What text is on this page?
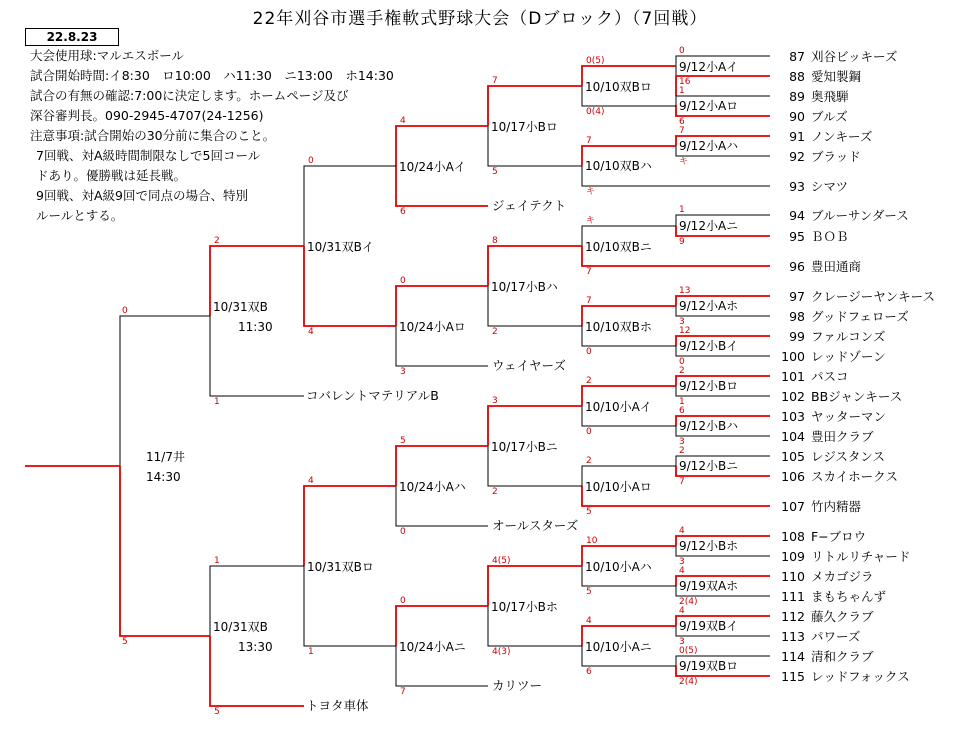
22年刈谷市選手権軟式野球大会（Dブロック）（7回戦）
22.8.23
大会使用球:マルエスボール
試合開始時間:イ8:30　ロ10:00　ハ11:30　ニ13:00　ホ14:30
試合の有無の確認:7:00に決定します。ホームページ及び
深谷審判長。090-2945-4707(24-1256)
注意事項:試合開始の30分前に集合のこと。
7回戦、対A級時間制限なしで5回コール
ドあり。優勝戦は延長戦。
9回戦、対A級9回で同点の場合、特別
ルールとする。
87 刈谷ビッキーズ
88 愛知製鋼
89 奥飛騨
90 ブルズ
91 ノンキーズ
92 ブラッド
93 シマツ
94 ブルーサンダース
95 ＢＯＢ
96 豊田通商
97 クレージーヤンキース
98 グッドフェローズ
99 ファルコンズ
100 レッドゾーン
101 パスコ
102 BBジャンキース
103 ヤッターマン
104 豊田クラブ
105 レジスタンス
106 スカイホークス
107 竹内精器
108 F−ブロウ
109 リトルリチャード
110 メカゴジラ
111 まもちゃんず
112 藤久クラブ
113 パワーズ
114 清和クラブ
115 レッドフォックス
ジェイテクト
ウェイヤーズ
コバレントマテリアルB
オールスターズ
カリツー
トヨタ車体
9/12小Aイ
9/12小Aロ
9/12小Aハ
9/12小Aニ
9/12小Aホ
9/12小Bイ
9/12小Bロ
9/12小Bハ
9/12小Bニ
9/12小Bホ
9/19双Aホ
9/19双Bイ
9/19双Bロ
10/10双Bロ
10/10双Bハ
10/10双Bニ
10/10双Bホ
10/10小Aイ
10/10小Aロ
10/10小Aハ
10/10小Aニ
10/17小Bロ
10/17小Bハ
10/17小Bニ
10/17小Bホ
10/24小Aイ
10/24小Aロ
10/24小Aハ
10/24小Aニ
10/31双Bイ
10/31双Bロ
10/31双B
11:30
10/31双B
13:30
11/7井
14:30
0
16
1
6
7
キ
1
9
13
3
12
0
2
1
6
3
2
7
4
3
4
2(4)
4
3
0(5)
2(4)
0(5)
0(4)
7
キ
キ
7
7
0
2
0
2
5
10
5
4
6
7
5
8
2
3
2
4(5)
4(3)
4
6
0
3
5
0
0
7
0
4
4
1
2
1
1
5
0
5
